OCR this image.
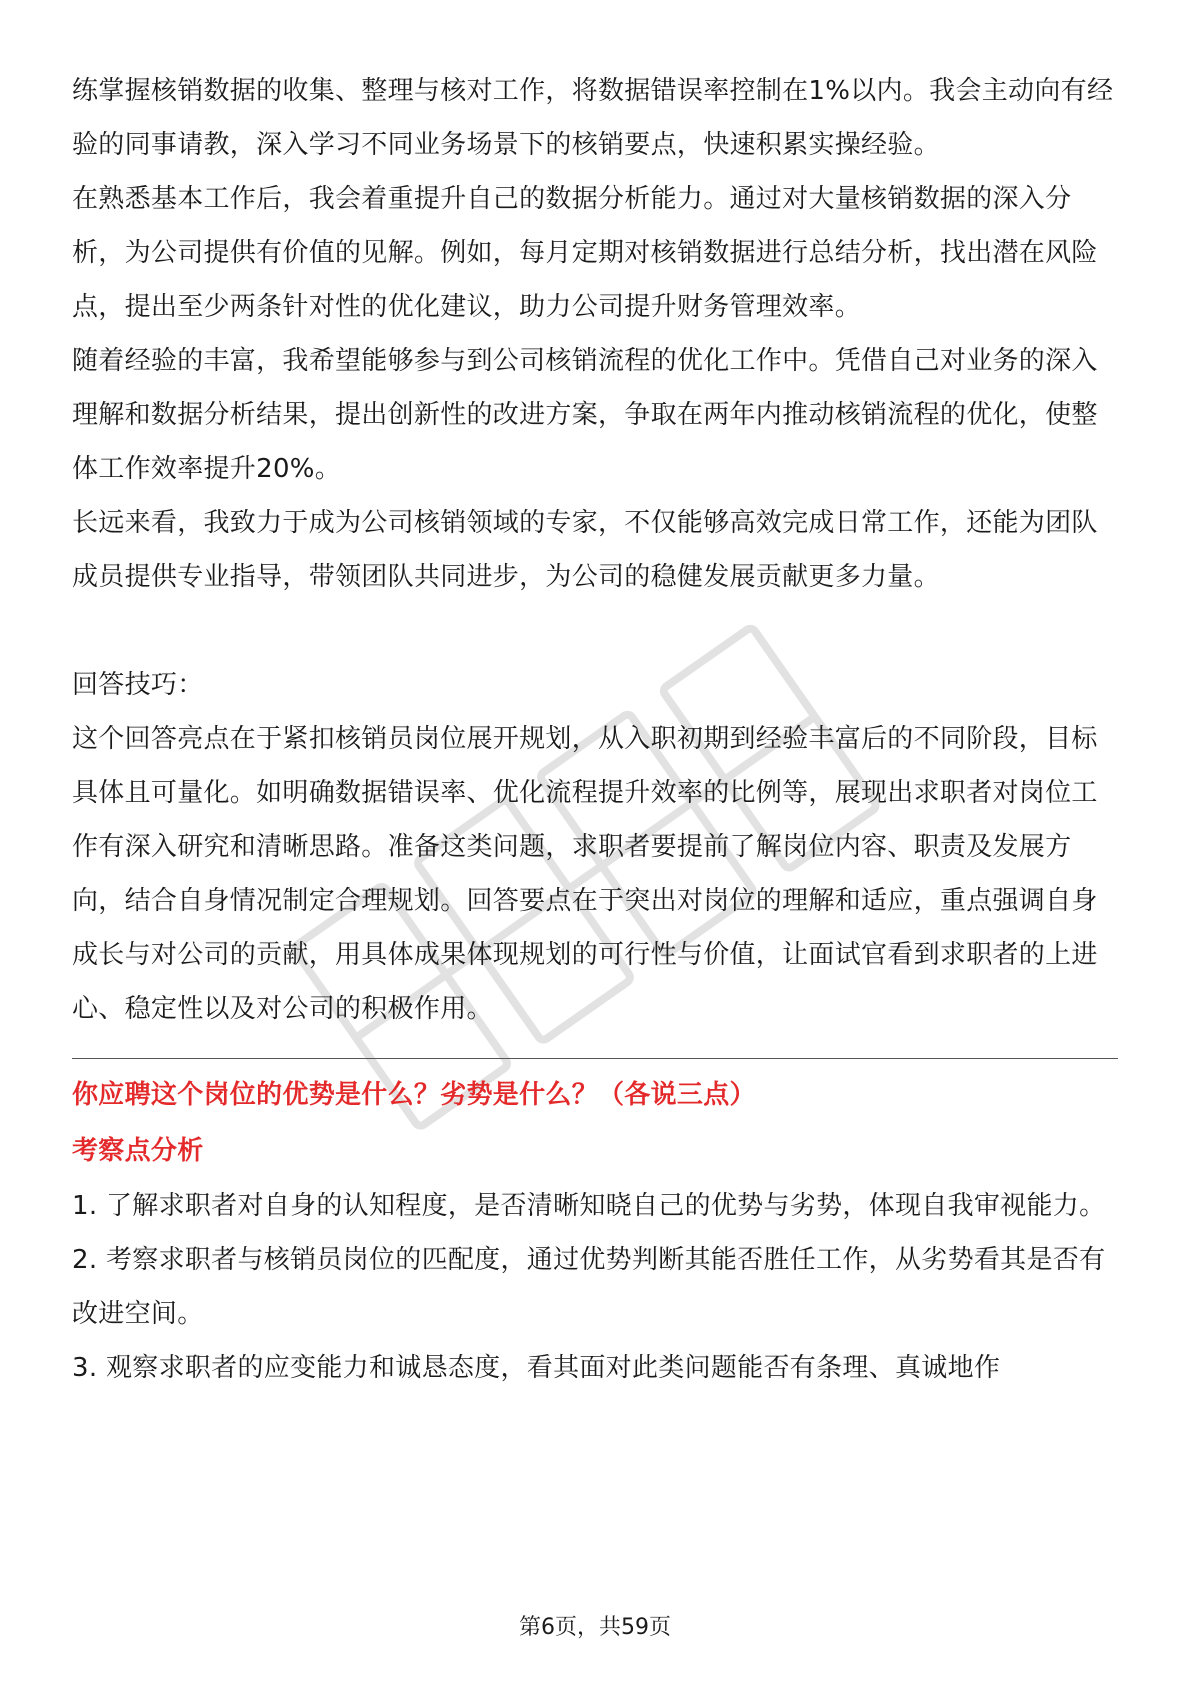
练掌握核销数据的收集、整理与核对工作，将数据错误率控制在1%以内。我会主动向有经验的同事请教，深入学习不同业务场景下的核销要点，快速积累实操经验。

在熟悉基本工作后，我会着重提升自己的数据分析能力。通过对大量核销数据的深入分析，为公司提供有价值的见解。例如，每月定期对核销数据进行总结分析，找出潜在风险点，提出至少两条针对性的优化建议，助力公司提升财务管理效率。

随着经验的丰富，我希望能够参与到公司核销流程的优化工作中。凭借自己对业务的深入理解和数据分析结果，提出创新性的改进方案，争取在两年内推动核销流程的优化，使整体工作效率提升20%。

长远来看，我致力于成为公司核销领域的专家，不仅能够高效完成日常工作，还能为团队成员提供专业指导，带领团队共同进步，为公司的稳健发展贡献更多力量。

回答技巧：

这个回答亮点在于紧扣核销员岗位展开规划，从入职初期到经验丰富后的不同阶段，目标具体且可量化。如明确数据错误率、优化流程提升效率的比例等，展现出求职者对岗位工作有深入研究和清晰思路。准备这类问题，求职者要提前了解岗位内容、职责及发展方向，结合自身情况制定合理规划。回答要点在于突出对岗位的理解和适应，重点强调自身成长与对公司的贡献，用具体成果体现规划的可行性与价值，让面试官看到求职者的上进心、稳定性以及对公司的积极作用。

你应聘这个岗位的优势是什么？劣势是什么？（各说三点）

考察点分析

1. 了解求职者对自身的认知程度，是否清晰知晓自己的优势与劣势，体现自我审视能力。

2. 考察求职者与核销员岗位的匹配度，通过优势判断其能否胜任工作，从劣势看其是否有改进空间。

3. 观察求职者的应变能力和诚恳态度，看其面对此类问题能否有条理、真诚地作

第6页，共59页
